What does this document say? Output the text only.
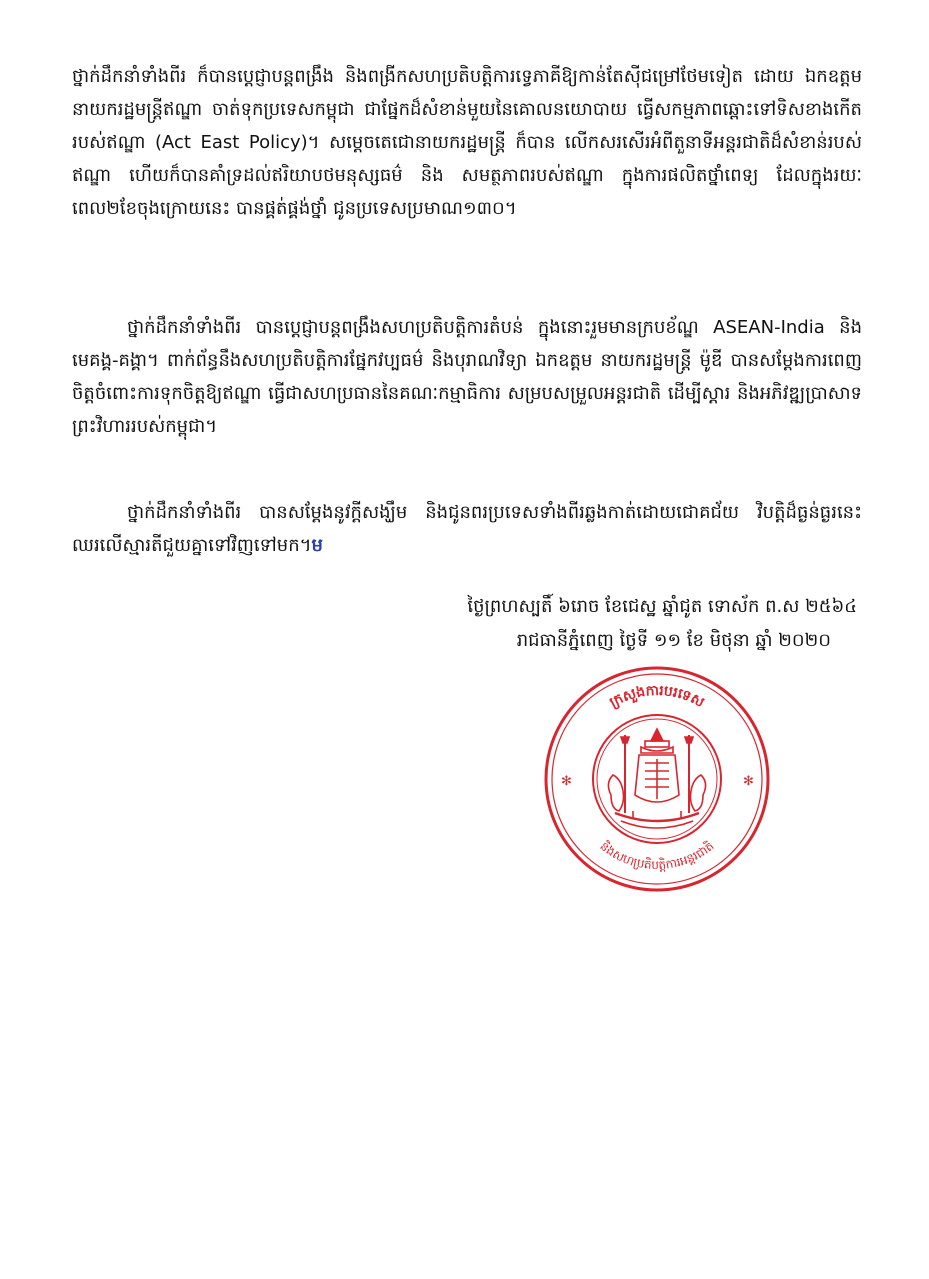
ថ្នាក់ដឹកនាំទាំងពីរ ក៏បានប្ដេជ្ញាបន្តពង្រឹង និងពង្រីកសហប្រតិបត្តិការទ្វេភាគីឱ្យកាន់តែស៊ីជម្រៅថែមទៀត ដោយ ឯកឧត្តម នាយករដ្ឋមន្ត្រីឥណ្ឌា ចាត់ទុកប្រទេសកម្ពុជា ជាផ្នែកដ៏សំខាន់មួយនៃគោលនយោបាយ ធ្វើសកម្មភាពឆ្ពោះទៅទិសខាងកើតរបស់ឥណ្ឌា (Act East Policy)។ សម្ដេចតេជោនាយករដ្ឋមន្ត្រី ក៏បាន លើកសរសើរអំពីតួនាទីអន្តរជាតិដ៏សំខាន់របស់ឥណ្ឌា ហើយក៏បានគាំទ្រដល់ឥរិយាបថមនុស្សធម៌ និង សមត្ថភាពរបស់ឥណ្ឌា ក្នុងការផលិតថ្នាំពេទ្យ ដែលក្នុងរយៈពេល២ខែចុងក្រោយនេះ បានផ្គត់ផ្គង់ថ្នាំ ជូនប្រទេសប្រមាណ១៣០។

ថ្នាក់ដឹកនាំទាំងពីរ បានប្ដេជ្ញាបន្តពង្រឹងសហប្រតិបត្តិការតំបន់ ក្នុងនោះរួមមានក្របខ័ណ្ឌ ASEAN-India និងមេគង្គ-គង្គា។ ពាក់ព័ន្ធនឹងសហប្រតិបត្តិការផ្នែកវប្បធម៌ និងបុរាណវិទ្យា ឯកឧត្តម នាយករដ្ឋមន្ត្រី ម៉ូឌី បានសម្ដែងការពេញចិត្តចំពោះការទុកចិត្តឱ្យឥណ្ឌា ធ្វើជាសហប្រធាននៃគណៈកម្មាធិការ សម្របសម្រួលអន្តរជាតិ ដើម្បីស្ដារ និងអភិវឌ្ឍប្រាសាទព្រះវិហាររបស់កម្ពុជា។

ថ្នាក់ដឹកនាំទាំងពីរ បានសម្ដែងនូវក្ដីសង្ឃឹម និងជូនពរប្រទេសទាំងពីរឆ្លងកាត់ដោយជោគជ័យ វិបត្តិដ៏ធ្ងន់ធ្ងរនេះ ឈរលើស្មារតីជួយគ្នាទៅវិញទៅមក។ម

ថ្ងៃព្រហស្បតិ៍ ៦រោច ខែជេស្ឋ ឆ្នាំជូត ទោស័ក ព.ស ២៥៦៤
រាជធានីភ្នំពេញ ថ្ងៃទី ១១ ខែ មិថុនា ឆ្នាំ ២០២០
ក្រសួងការបរទេស
និងសហប្រតិបត្តិការអន្តរជាតិ
✻	✻
